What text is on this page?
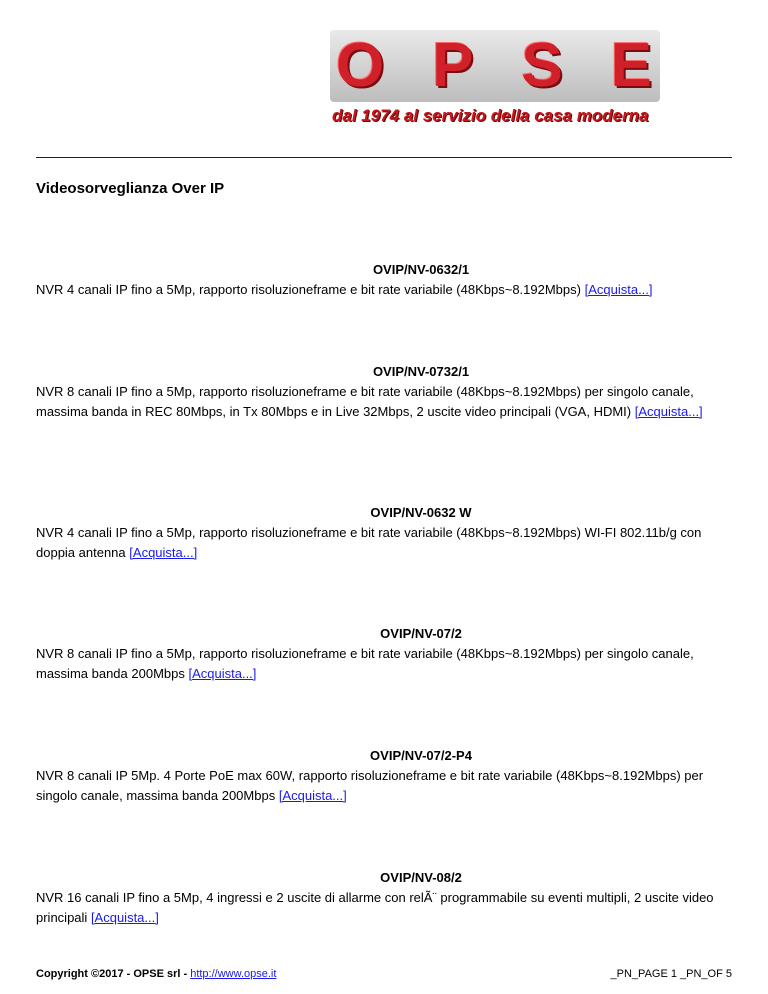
O P S E
dal 1974 al servizio della casa moderna
Videosorveglianza Over IP
OVIP/NV-0632/1
NVR 4 canali IP fino a 5Mp, rapporto risoluzioneframe e bit rate variabile (48Kbps~8.192Mbps) [Acquista...]
OVIP/NV-0732/1
NVR 8 canali IP fino a 5Mp, rapporto risoluzioneframe e bit rate variabile (48Kbps~8.192Mbps) per singolo canale, massima banda in REC 80Mbps, in Tx 80Mbps e in Live 32Mbps, 2 uscite video principali (VGA, HDMI) [Acquista...]
OVIP/NV-0632 W
NVR 4 canali IP fino a 5Mp, rapporto risoluzioneframe e bit rate variabile (48Kbps~8.192Mbps) WI-FI 802.11b/g con doppia antenna [Acquista...]
OVIP/NV-07/2
NVR 8 canali IP fino a 5Mp, rapporto risoluzioneframe e bit rate variabile (48Kbps~8.192Mbps) per singolo canale, massima banda 200Mbps [Acquista...]
OVIP/NV-07/2-P4
NVR 8 canali IP 5Mp. 4 Porte PoE max 60W, rapporto risoluzioneframe e bit rate variabile (48Kbps~8.192Mbps) per singolo canale, massima banda 200Mbps [Acquista...]
OVIP/NV-08/2
NVR 16 canali IP fino a 5Mp, 4 ingressi e 2 uscite di allarme con relÃ¨ programmabile su eventi multipli, 2 uscite video principali [Acquista...]
Copyright ©2017 - OPSE srl - http://www.opse.it	_PN_PAGE 1 _PN_OF 5
